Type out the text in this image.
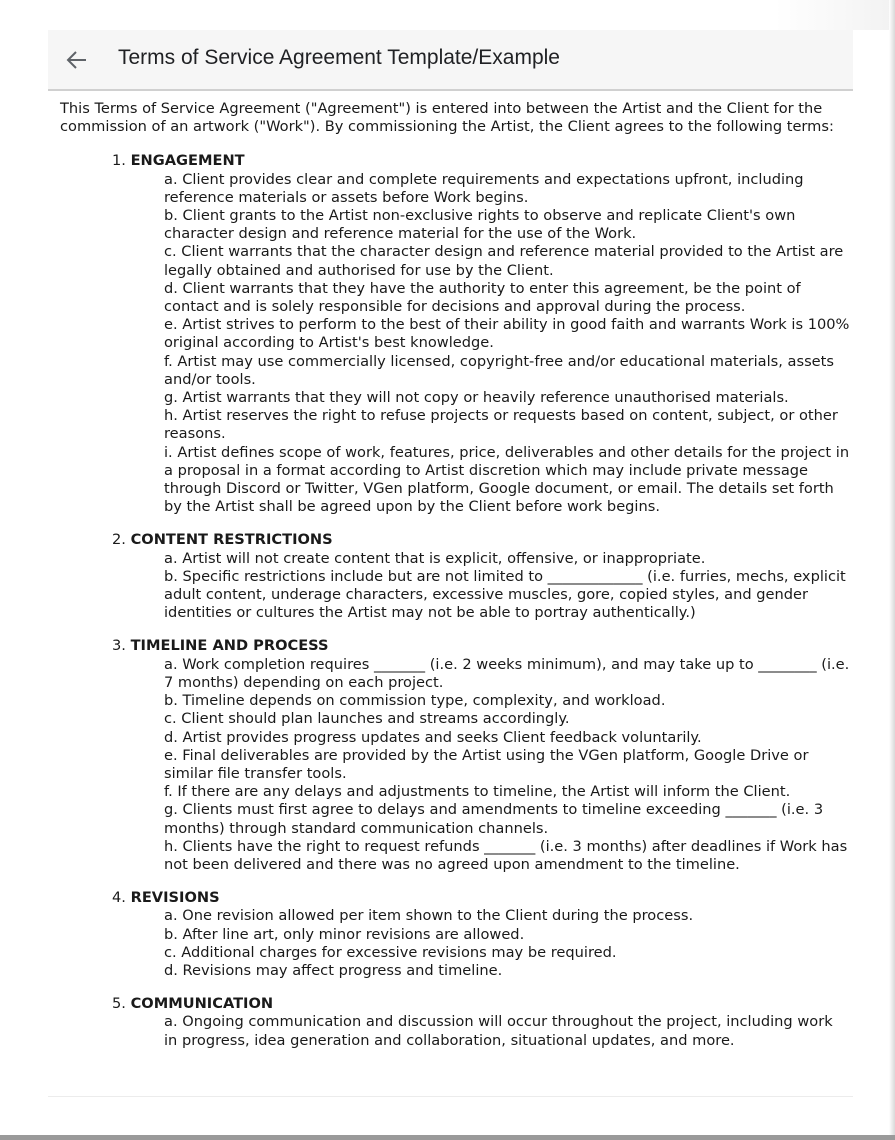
Terms of Service Agreement Template/Example

This Terms of Service Agreement ("Agreement") is entered into between the Artist and the Client for the commission of an artwork ("Work"). By commissioning the Artist, the Client agrees to the following terms:

1. ENGAGEMENT

a. Client provides clear and complete requirements and expectations upfront, including reference materials or assets before Work begins.
b. Client grants to the Artist non-exclusive rights to observe and replicate Client's own character design and reference material for the use of the Work.
c. Client warrants that the character design and reference material provided to the Artist are legally obtained and authorised for use by the Client.
d. Client warrants that they have the authority to enter this agreement, be the point of contact and is solely responsible for decisions and approval during the process.
e. Artist strives to perform to the best of their ability in good faith and warrants Work is 100% original according to Artist's best knowledge.
f. Artist may use commercially licensed, copyright-free and/or educational materials, assets and/or tools.
g. Artist warrants that they will not copy or heavily reference unauthorised materials.
h. Artist reserves the right to refuse projects or requests based on content, subject, or other reasons.
i. Artist defines scope of work, features, price, deliverables and other details for the project in a proposal in a format according to Artist discretion which may include private message through Discord or Twitter, VGen platform, Google document, or email. The details set forth by the Artist shall be agreed upon by the Client before work begins.

2. CONTENT RESTRICTIONS

a. Artist will not create content that is explicit, offensive, or inappropriate.
b. Specific restrictions include but are not limited to _____________ (i.e. furries, mechs, explicit adult content, underage characters, excessive muscles, gore, copied styles, and gender identities or cultures the Artist may not be able to portray authentically.)

3. TIMELINE AND PROCESS

a. Work completion requires _______ (i.e. 2 weeks minimum), and may take up to ________ (i.e. 7 months) depending on each project.
b. Timeline depends on commission type, complexity, and workload.
c. Client should plan launches and streams accordingly.
d. Artist provides progress updates and seeks Client feedback voluntarily.
e. Final deliverables are provided by the Artist using the VGen platform, Google Drive or similar file transfer tools.
f. If there are any delays and adjustments to timeline, the Artist will inform the Client.
g. Clients must first agree to delays and amendments to timeline exceeding _______ (i.e. 3 months) through standard communication channels.
h. Clients have the right to request refunds _______ (i.e. 3 months) after deadlines if Work has not been delivered and there was no agreed upon amendment to the timeline.

4. REVISIONS

a. One revision allowed per item shown to the Client during the process.
b. After line art, only minor revisions are allowed.
c. Additional charges for excessive revisions may be required.
d. Revisions may affect progress and timeline.

5. COMMUNICATION

a. Ongoing communication and discussion will occur throughout the project, including work in progress, idea generation and collaboration, situational updates, and more.
